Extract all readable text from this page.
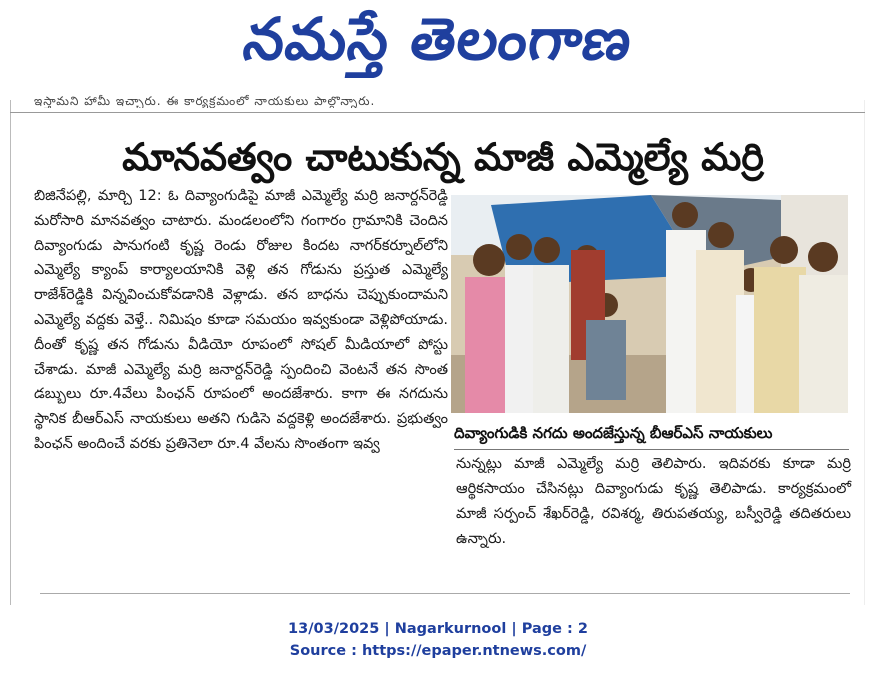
నమస్తే తెలంగాణ
ఇస్తామని హామీ ఇచ్చారు. ఈ కార్యక్రమంలో నాయకులు పాల్గొన్నారు.
మానవత్వం చాటుకున్న మాజీ ఎమ్మెల్యే మర్రి

బిజినేపల్లి, మార్చి 12: ఓ దివ్యాంగుడిపై మాజీ ఎమ్మెల్యే మర్రి జనార్దన్‌రెడ్డి మరోసారి మానవత్వం చాటారు. మండలంలోని గంగారం గ్రామానికి చెందిన దివ్యాంగుడు పానుగంటి కృష్ణ రెండు రోజుల కిందట నాగర్‌కర్నూల్‌లోని ఎమ్మెల్యే క్యాంప్ కార్యాలయానికి వెళ్లి తన గోడును ప్రస్తుత ఎమ్మెల్యే రాజేశ్‌రెడ్డికి విన్నవించుకోవడానికి వెళ్లాడు. తన బాధను చెప్పుకుందామని ఎమ్మెల్యే వద్దకు వెళ్తే.. నిమిషం కూడా సమయం ఇవ్వకుండా వెళ్లిపోయాడు. దీంతో కృష్ణ తన గోడును వీడియో రూపంలో సోషల్ మీడియాలో పోస్టు చేశాడు. మాజీ ఎమ్మెల్యే మర్రి జనార్దన్‌రెడ్డి స్పందించి వెంటనే తన సొంత డబ్బులు రూ.4వేలు పింఛన్ రూపంలో అందజేశారు. కాగా ఈ నగదును స్థానిక బీఆర్‌ఎస్ నాయకులు అతని గుడిసె వద్దకెళ్లి అందజేశారు. ప్రభుత్వం పింఛన్ అందించే వరకు ప్రతినెలా రూ.4 వేలను సొంతంగా ఇవ్వ

దివ్యాంగుడికి నగదు అందజేస్తున్న బీఆర్‌ఎస్ నాయకులు

నున్నట్లు మాజీ ఎమ్మెల్యే మర్రి తెలిపారు. ఇదివరకు కూడా మర్రి ఆర్థికసాయం చేసినట్లు దివ్యాంగుడు కృష్ణ తెలిపాడు. కార్యక్రమంలో మాజీ సర్పంచ్ శేఖర్‌రెడ్డి, రవిశర్మ, తిరుపతయ్య, బస్వీరెడ్డి తదితరులు ఉన్నారు.

13/03/2025 | Nagarkurnool | Page : 2
Source : https://epaper.ntnews.com/
